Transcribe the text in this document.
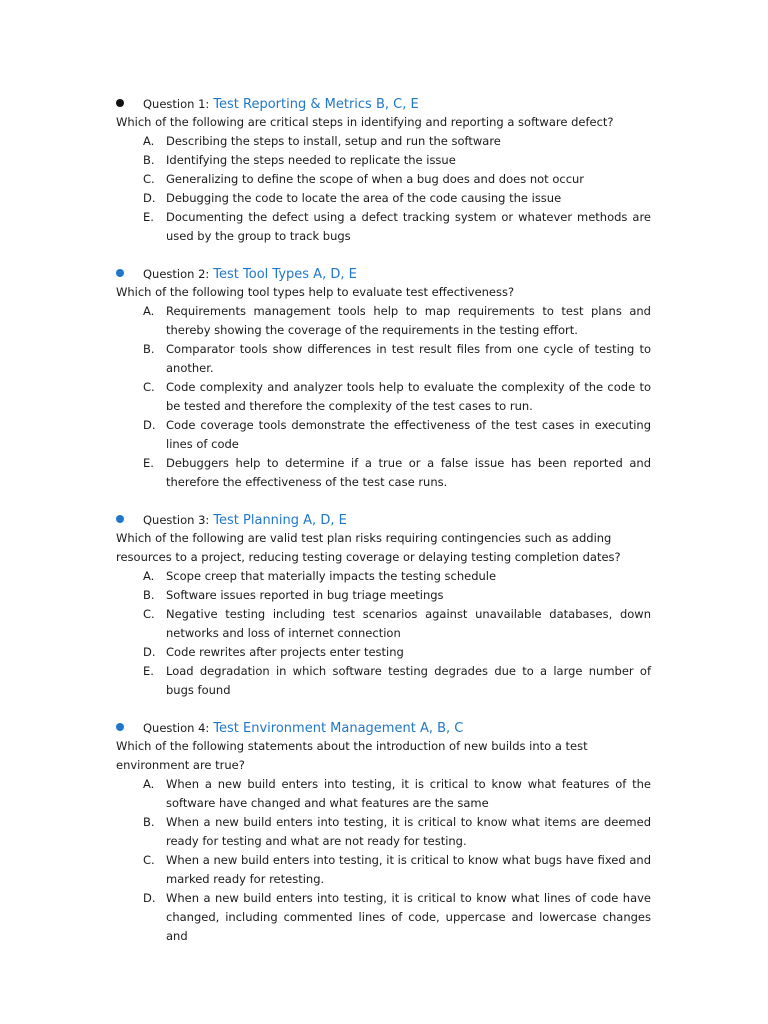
Question 1: Test Reporting & Metrics B, C, E
Which of the following are critical steps in identifying and reporting a software defect?
A. Describing the steps to install, setup and run the software
B. Identifying the steps needed to replicate the issue
C. Generalizing to define the scope of when a bug does and does not occur
D. Debugging the code to locate the area of the code causing the issue
E. Documenting the defect using a defect tracking system or whatever methods are used by the group to track bugs
Question 2: Test Tool Types A, D, E
Which of the following tool types help to evaluate test effectiveness?
A. Requirements management tools help to map requirements to test plans and thereby showing the coverage of the requirements in the testing effort.
B. Comparator tools show differences in test result files from one cycle of testing to another.
C. Code complexity and analyzer tools help to evaluate the complexity of the code to be tested and therefore the complexity of the test cases to run.
D. Code coverage tools demonstrate the effectiveness of the test cases in executing lines of code
E. Debuggers help to determine if a true or a false issue has been reported and therefore the effectiveness of the test case runs.
Question 3: Test Planning A, D, E
Which of the following are valid test plan risks requiring contingencies such as adding resources to a project, reducing testing coverage or delaying testing completion dates?
A. Scope creep that materially impacts the testing schedule
B. Software issues reported in bug triage meetings
C. Negative testing including test scenarios against unavailable databases, down networks and loss of internet connection
D. Code rewrites after projects enter testing
E. Load degradation in which software testing degrades due to a large number of bugs found
Question 4: Test Environment Management A, B, C
Which of the following statements about the introduction of new builds into a test environment are true?
A. When a new build enters into testing, it is critical to know what features of the software have changed and what features are the same
B. When a new build enters into testing, it is critical to know what items are deemed ready for testing and what are not ready for testing.
C. When a new build enters into testing, it is critical to know what bugs have fixed and marked ready for retesting.
D. When a new build enters into testing, it is critical to know what lines of code have changed, including commented lines of code, uppercase and lowercase changes and
